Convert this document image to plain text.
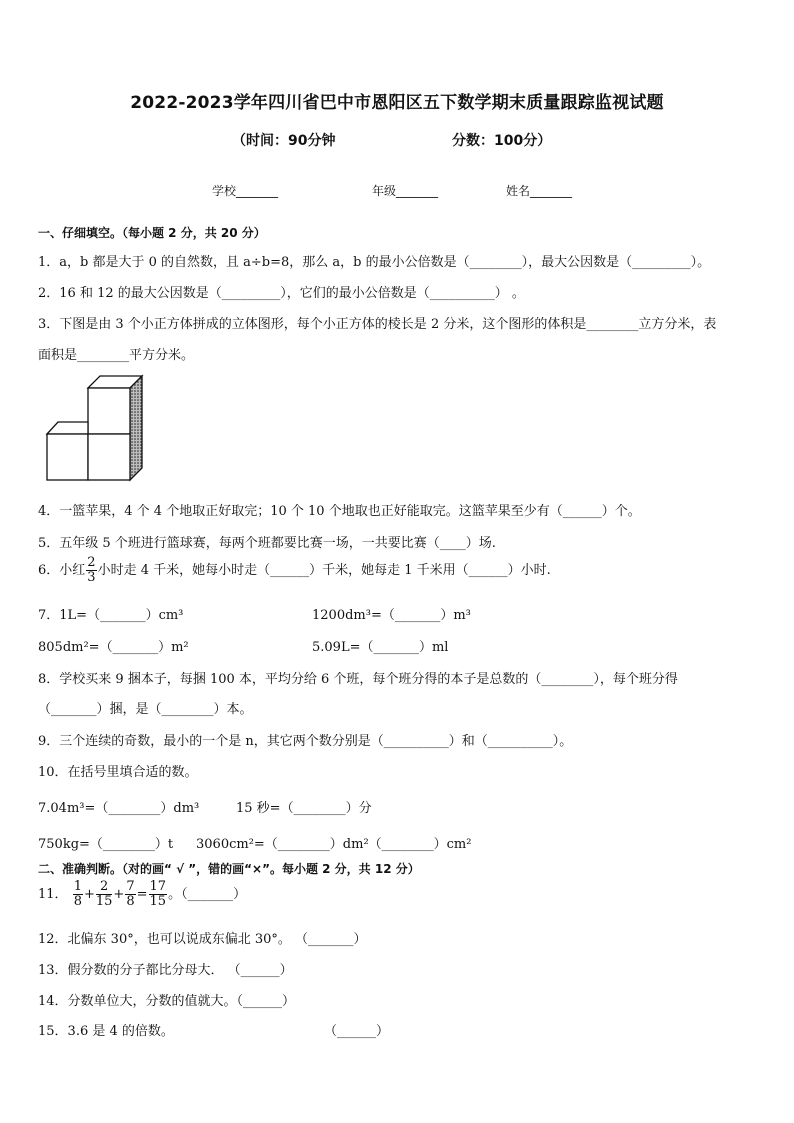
2022-2023学年四川省巴中市恩阳区五下数学期末质量跟踪监视试题
（时间：90分钟	分数：100分）
学校_______	年级_______	姓名_______
一、仔细填空。（每小题 2 分，共 20 分）
1．a，b 都是大于 0 的自然数，且 a÷b=8，那么 a，b 的最小公倍数是（________），最大公因数是（_________）。
2．16 和 12 的最大公因数是（_________），它们的最小公倍数是（__________） 。
3．下图是由 3 个小正方体拼成的立体图形，每个小正方体的棱长是 2 分米，这个图形的体积是________立方分米，表
面积是________平方分米。
4．一篮苹果，4 个 4 个地取正好取完；10 个 10 个地取也正好能取完。这篮苹果至少有（______）个。
5．五年级 5 个班进行篮球赛，每两个班都要比赛一场，一共要比赛（____）场.
6．小红 $\frac{2}{3}$ 小时走 4 千米，她每小时走（______）千米，她每走 1 千米用（______）小时.
7．1L=（_______）cm³	1200dm³=（_______）m³
805dm²=（_______）m²	5.09L=（_______）ml
8．学校买来 9 捆本子，每捆 100 本，平均分给 6 个班，每个班分得的本子是总数的（________），每个班分得
（_______）捆，是（________）本。
9．三个连续的奇数，最小的一个是 n，其它两个数分别是（__________）和（__________）。
10．在括号里填合适的数。
7.04m³=（________）dm³	15 秒=（________）分
750kg=（________）t 3060cm²=（________）dm²（________）cm²
二、准确判断。（对的画“ √ ”，错的画“×”。每小题 2 分，共 12 分）
11． $\frac{1}{8} + \frac{2}{15} + \frac{7}{8} = \frac{17}{15}$ 。（_______）
12．北偏东 30°，也可以说成东偏北 30°。 （_______）
13．假分数的分子都比分母大． （______）
14．分数单位大，分数的值就大。（______）
15．3.6 是 4 的倍数。	（______）
